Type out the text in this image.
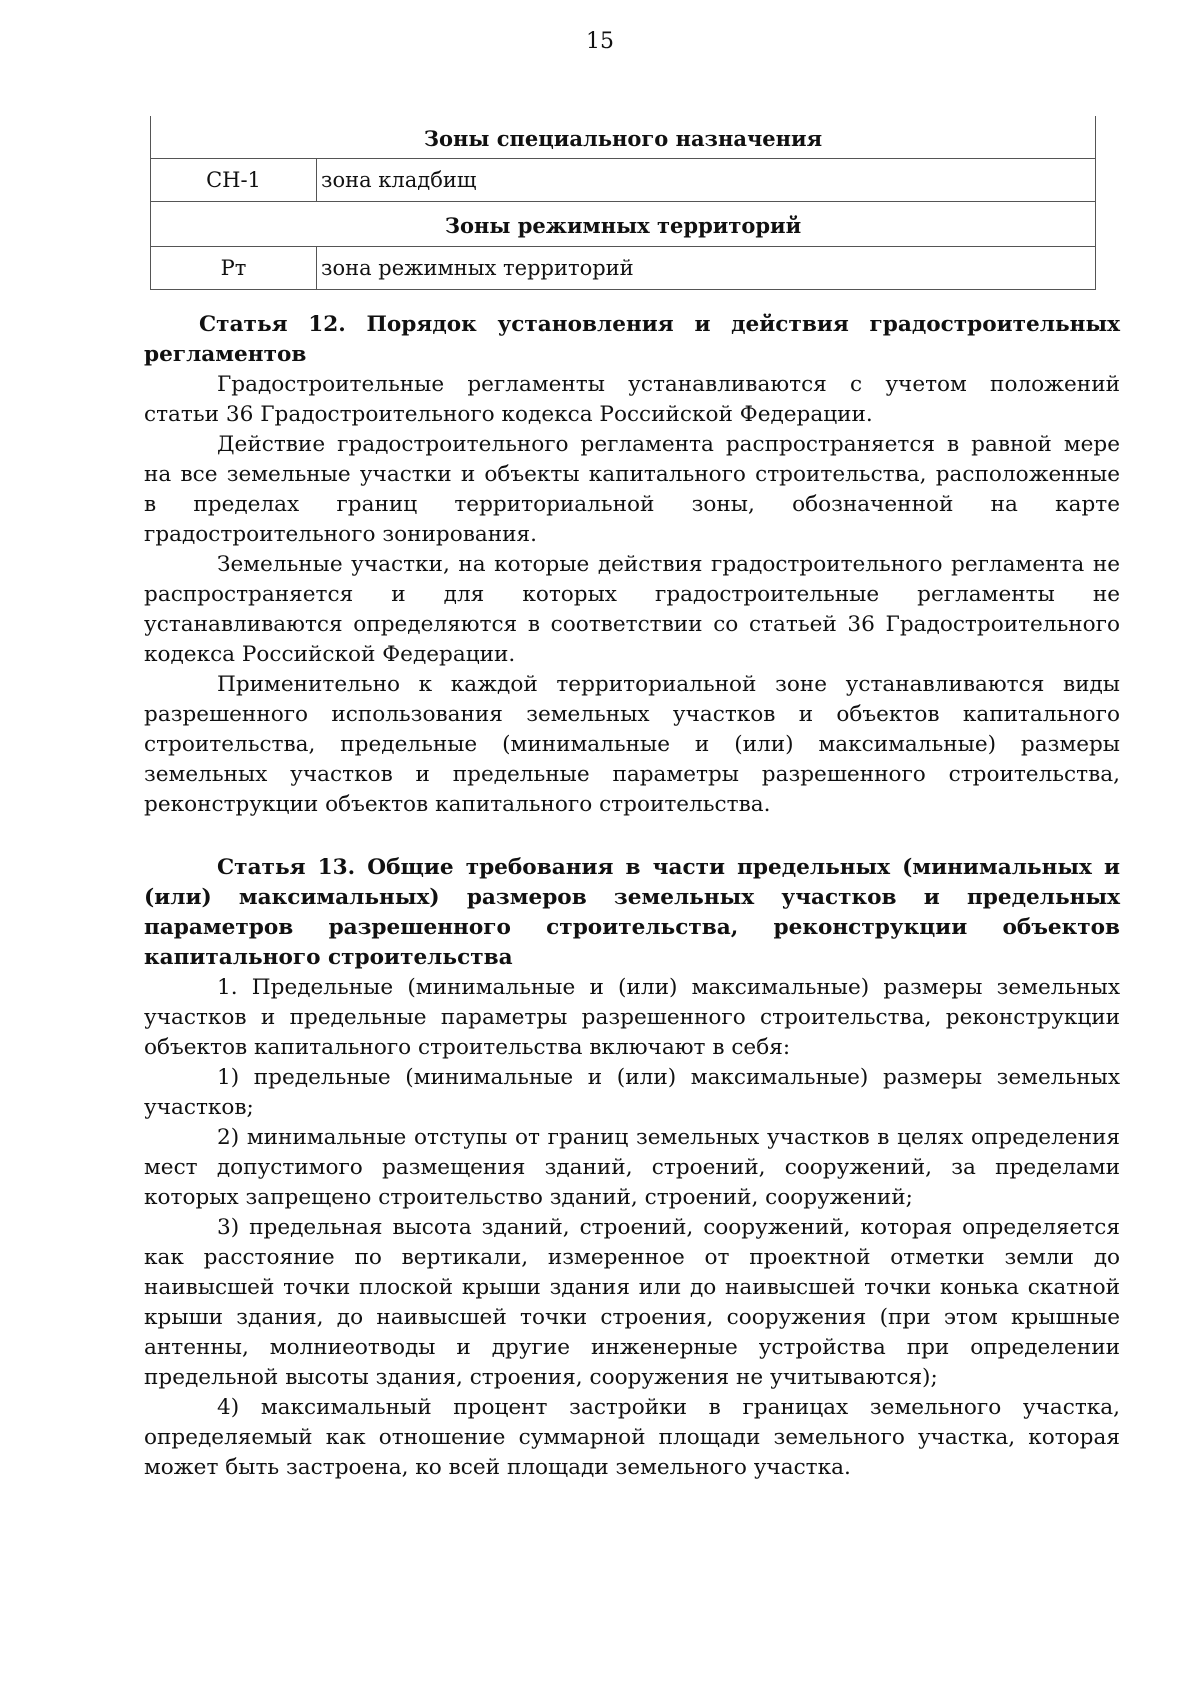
15
Зоны специального назначения	
СН-1	зона кладбищ
Зоны режимных территорий	
Рт	зона режимных территорий
Статья 12. Порядок установления и действия градостроительных регламентов

Градостроительные регламенты устанавливаются с учетом положений статьи 36 Градостроительного кодекса Российской Федерации.

Действие градостроительного регламента распространяется в равной мере на все земельные участки и объекты капитального строительства, расположенные в пределах границ территориальной зоны, обозначенной на карте градостроительного зонирования.

Земельные участки, на которые действия градостроительного регламента не распространяется и для которых градостроительные регламенты не устанавливаются определяются в соответствии со статьей 36 Градостроительного кодекса Российской Федерации.

Применительно к каждой территориальной зоне устанавливаются виды разрешенного использования земельных участков и объектов капитального строительства, предельные (минимальные и (или) максимальные) размеры земельных участков и предельные параметры разрешенного строительства, реконструкции объектов капитального строительства.

Статья 13. Общие требования в части предельных (минимальных и (или) максимальных) размеров земельных участков и предельных параметров разрешенного строительства, реконструкции объектов капитального строительства

1. Предельные (минимальные и (или) максимальные) размеры земельных участков и предельные параметры разрешенного строительства, реконструкции объектов капитального строительства включают в себя:

1) предельные (минимальные и (или) максимальные) размеры земельных участков;

2) минимальные отступы от границ земельных участков в целях определения мест допустимого размещения зданий, строений, сооружений, за пределами которых запрещено строительство зданий, строений, сооружений;

3) предельная высота зданий, строений, сооружений, которая определяется как расстояние по вертикали, измеренное от проектной отметки земли до наивысшей точки плоской крыши здания или до наивысшей точки конька скатной крыши здания, до наивысшей точки строения, сооружения (при этом крышные антенны, молниеотводы и другие инженерные устройства при определении предельной высоты здания, строения, сооружения не учитываются);

4) максимальный процент застройки в границах земельного участка, определяемый как отношение суммарной площади земельного участка, которая может быть застроена, ко всей площади земельного участка.
